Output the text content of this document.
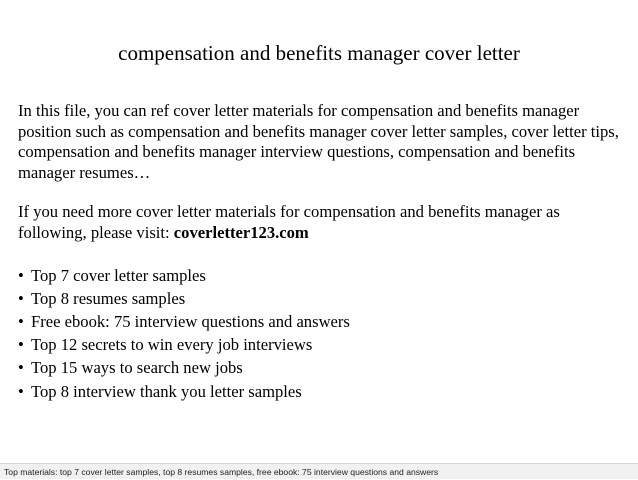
compensation and benefits manager cover letter

In this file, you can ref cover letter materials for compensation and benefits manager position such as compensation and benefits manager cover letter samples, cover letter tips, compensation and benefits manager interview questions, compensation and benefits manager resumes…

If you need more cover letter materials for compensation and benefits manager as following, please visit: coverletter123.com

• Top 7 cover letter samples
• Top 8 resumes samples
• Free ebook: 75 interview questions and answers
• Top 12 secrets to win every job interviews
• Top 15 ways to search new jobs
• Top 8 interview thank you letter samples
Top materials: top 7 cover letter samples, top 8 resumes samples, free ebook: 75 interview questions and answers
